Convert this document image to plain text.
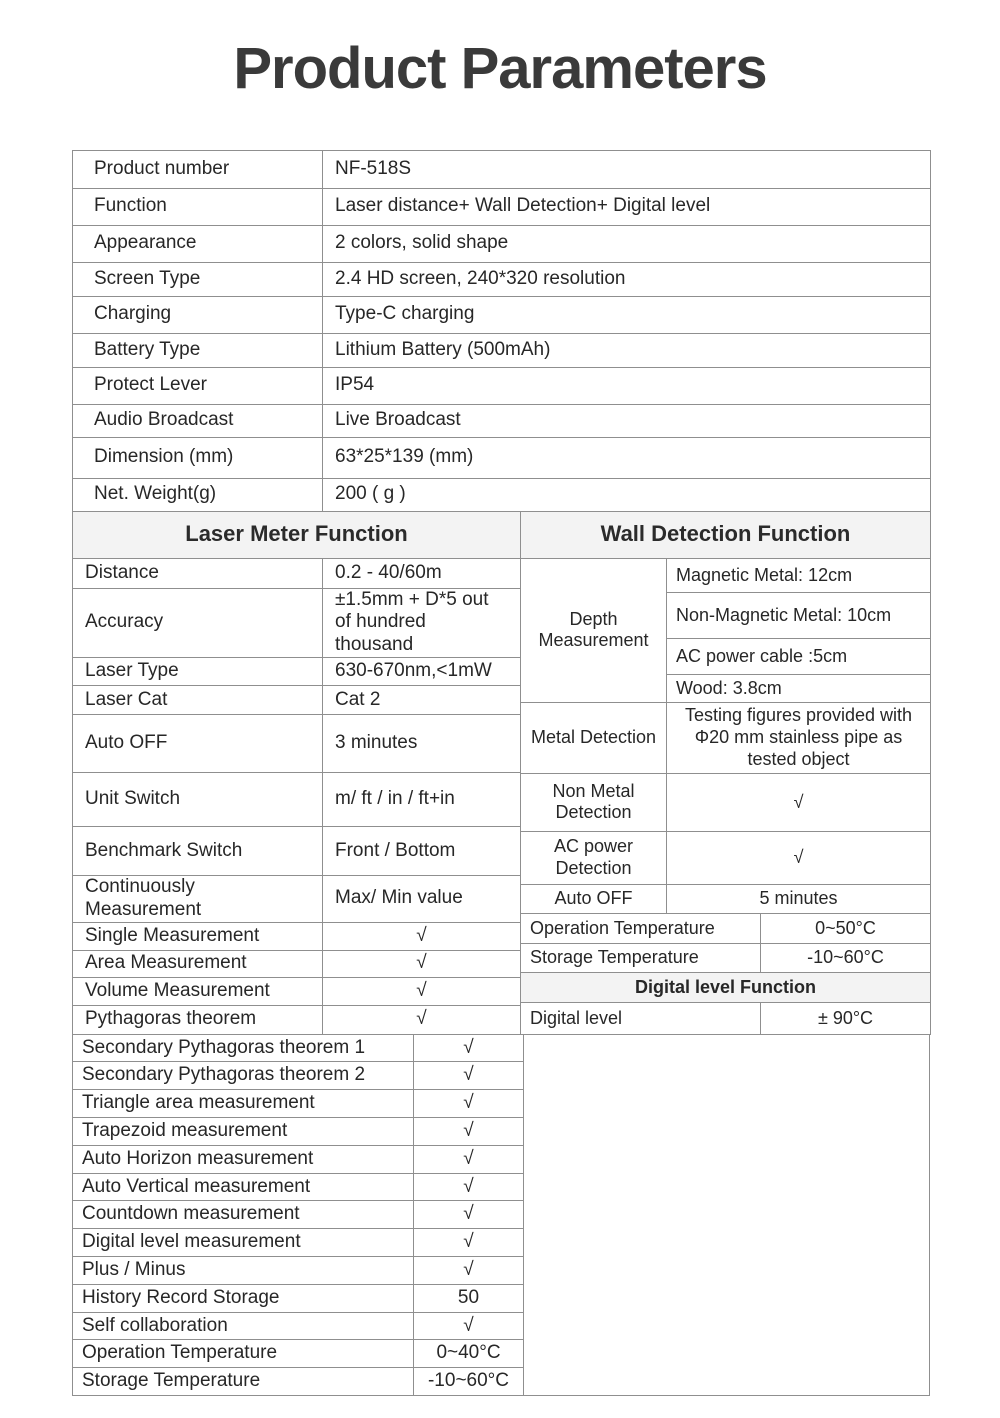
Product Parameters
Product number	NF-518S
Function	Laser distance+ Wall Detection+ Digital level
Appearance	2 colors, solid shape
Screen Type	2.4 HD screen, 240*320 resolution
Charging	Type-C charging
Battery Type	Lithium Battery (500mAh)
Protect Lever	IP54
Audio Broadcast	Live Broadcast
Dimension (mm)	63*25*139 (mm)
Net. Weight(g)	200 ( g )
Laser Meter Function	Wall Detection Function
Distance	0.2 - 40/60m
Accuracy	±1.5mm + D*5 out of hundred thousand
Laser Type	630-670nm,<1mW
Laser Cat	Cat 2
Auto OFF	3 minutes
Unit Switch	m/ ft / in / ft+in
Benchmark Switch	Front / Bottom
Continuously Measurement	Max/ Min value
Single Measurement	√
Area Measurement	√
Volume Measurement	√
Pythagoras theorem	√
Depth Measurement	Magnetic Metal: 12cm	
	Non-Magnetic Metal: 10cm	
	AC power cable :5cm	
	Wood: 3.8cm	
Metal Detection	Testing figures provided with Φ20 mm stainless pipe as tested object	
Non Metal Detection	√	
AC power Detection	√	
Auto OFF	5 minutes	
Operation Temperature		0~50°C
Storage Temperature		-10~60°C
Digital level Function		
Digital level		± 90°C
Secondary Pythagoras theorem 1	√
Secondary Pythagoras theorem 2	√
Triangle area measurement	√
Trapezoid measurement	√
Auto Horizon measurement	√
Auto Vertical measurement	√
Countdown measurement	√
Digital level measurement	√
Plus / Minus	√
History Record Storage	50
Self collaboration	√
Operation Temperature	0~40°C
Storage Temperature	-10~60°C
